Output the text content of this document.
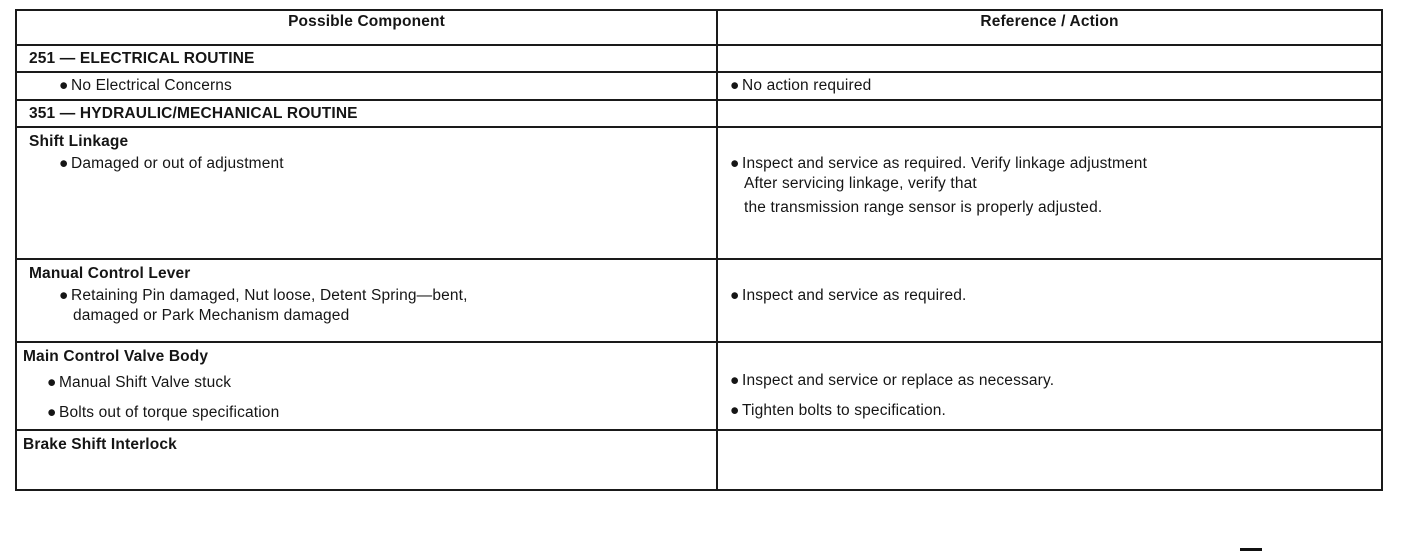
Possible Component	Reference / Action

251 — ELECTRICAL ROUTINE	

● No Electrical Concerns	● No action required

351 — HYDRAULIC/MECHANICAL ROUTINE	

Shift Linkage
● Damaged or out of adjustment	● Inspect and service as required. Verify linkage adjustment
After servicing linkage, verify that
the transmission range sensor is properly adjusted.

Manual Control Lever
● Retaining Pin damaged, Nut loose, Detent Spring—bent,
damaged or Park Mechanism damaged	● Inspect and service as required.

Main Control Valve Body
● Manual Shift Valve stuck
● Bolts out of torque specification	● Inspect and service or replace as necessary.
● Tighten bolts to specification.

Brake Shift Interlock	
